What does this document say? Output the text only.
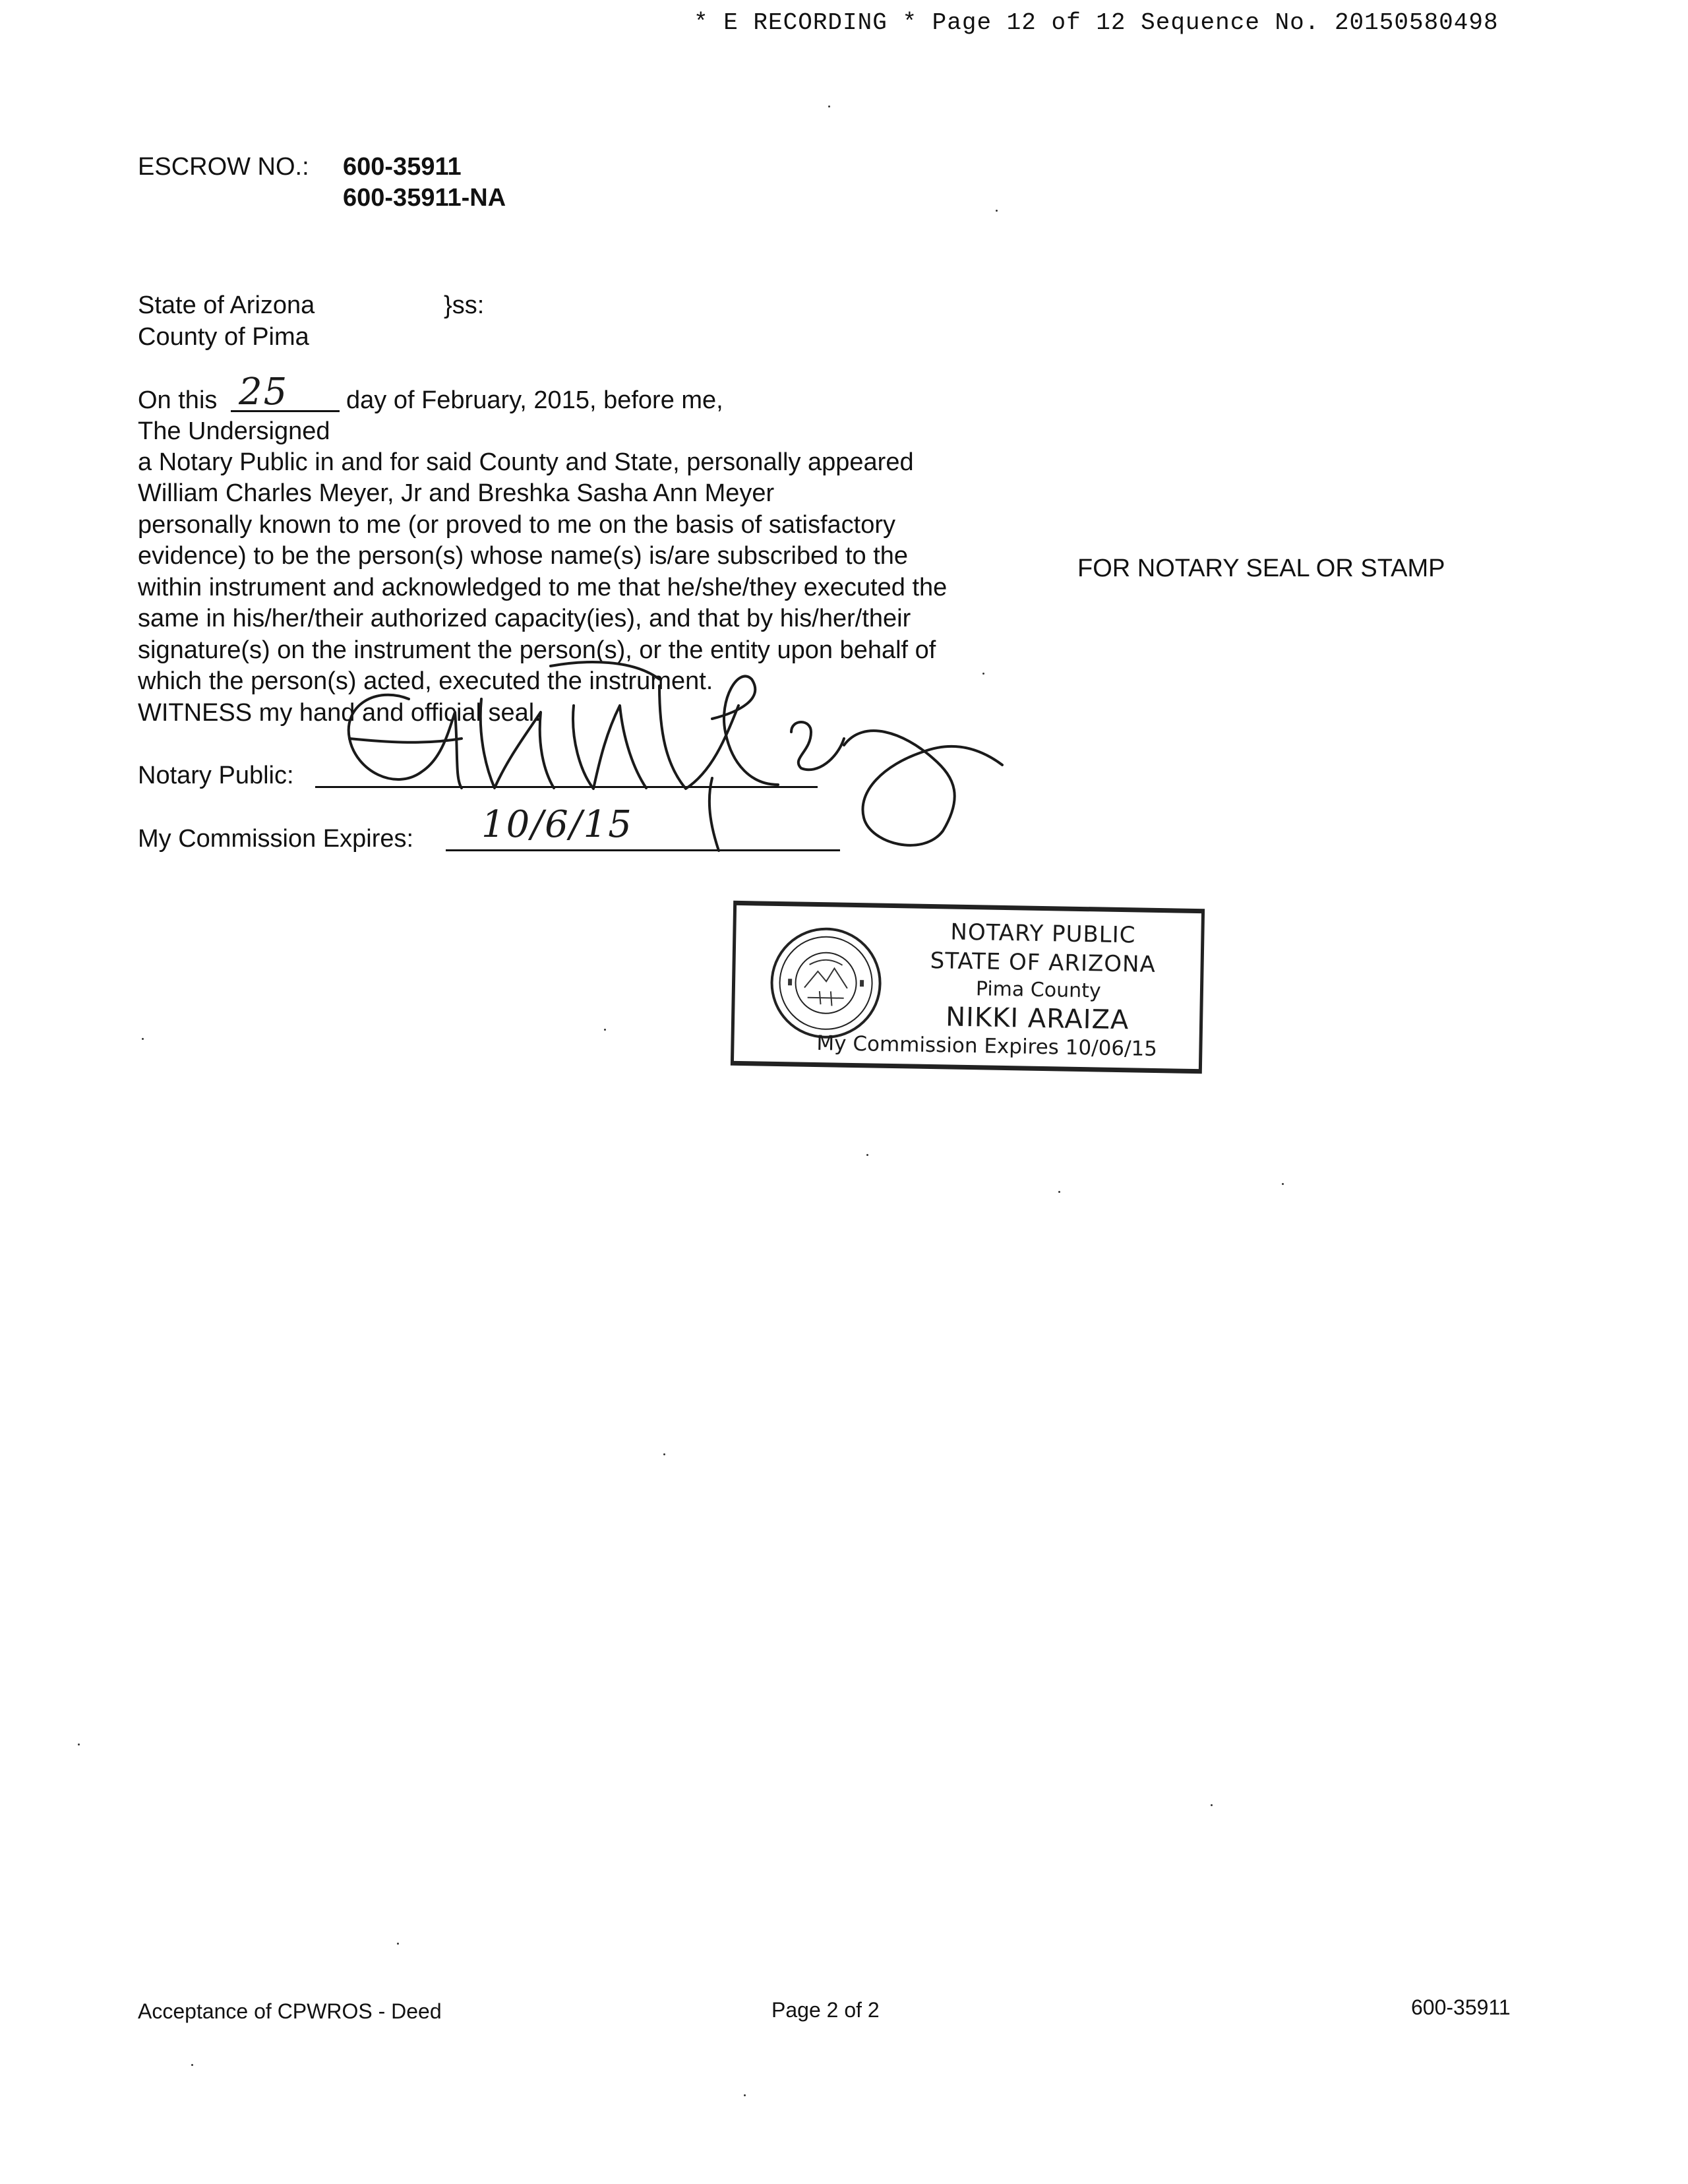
* E RECORDING * Page 12 of 12 Sequence No. 20150580498
ESCROW NO.: 600-35911
600-35911-NA
State of Arizona	}ss:
County of Pima
On this 25 day of February, 2015, before me,
The Undersigned
a Notary Public in and for said County and State, personally appeared
William Charles Meyer, Jr and Breshka Sasha Ann Meyer
personally known to me (or proved to me on the basis of satisfactory
evidence) to be the person(s) whose name(s) is/are subscribed to the
within instrument and acknowledged to me that he/she/they executed the
same in his/her/their authorized capacity(ies), and that by his/her/their
signature(s) on the instrument the person(s), or the entity upon behalf of
which the person(s) acted, executed the instrument.
WITNESS my hand and official seal.
FOR NOTARY SEAL OR STAMP
Notary Public:
My Commission Expires: 10/6/15
NOTARY PUBLIC
STATE OF ARIZONA
Pima County
NIKKI ARAIZA
My Commission Expires 10/06/15
Acceptance of CPWROS - Deed	Page 2 of 2	600-35911
